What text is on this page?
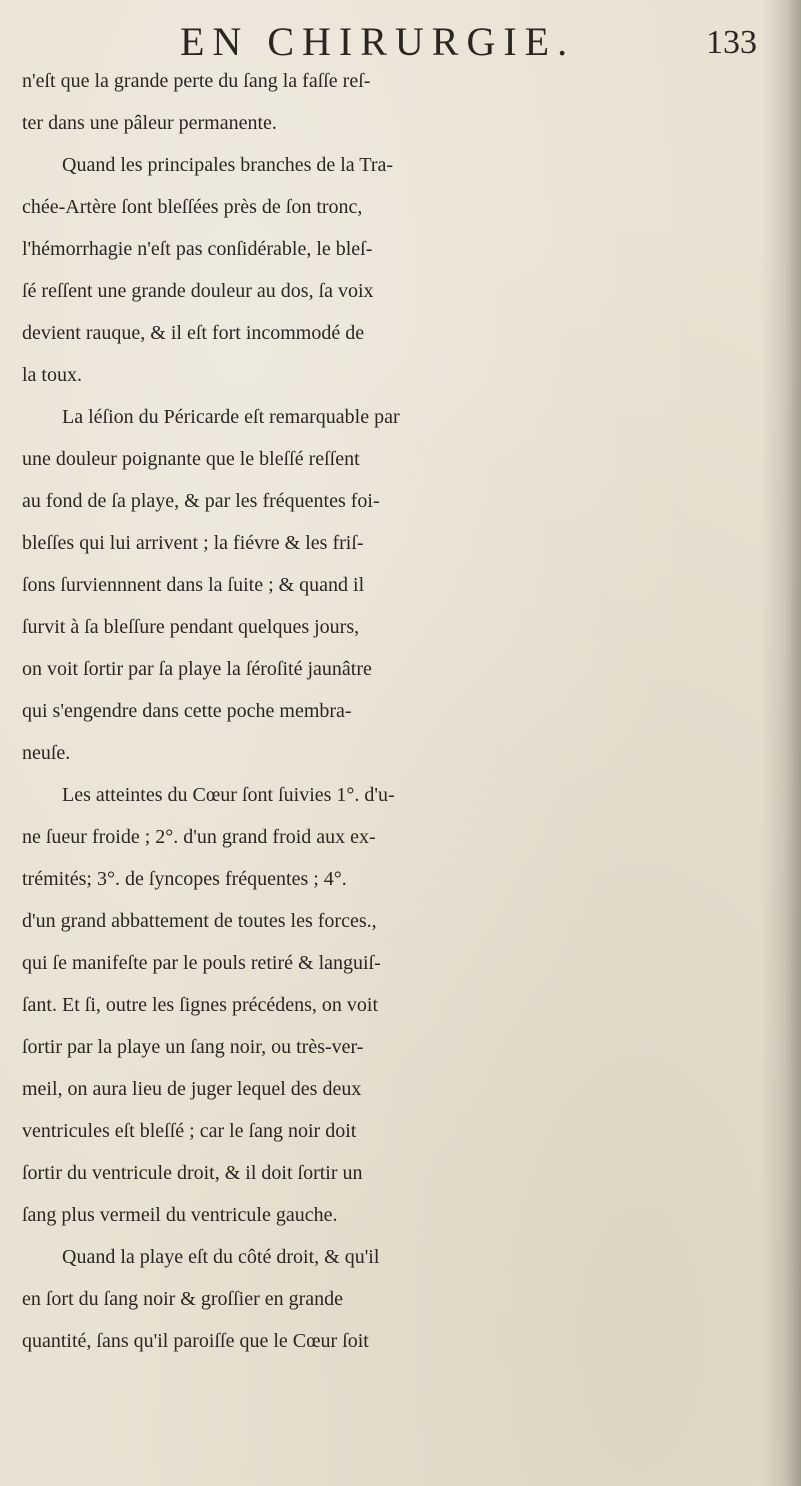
EN CHIRURGIE.	133
n'eſt que la grande perte du ſang la faſſe reſ-
ter dans une pâleur permanente.
Quand les principales branches de la Tra-
chée-Artère ſont bleſſées près de ſon tronc,
l'hémorrhagie n'eſt pas conſidérable, le bleſ-
ſé reſſent une grande douleur au dos, ſa voix
devient rauque, & il eſt fort incommodé de
la toux.
La léſion du Péricarde eſt remarquable par
une douleur poignante que le bleſſé reſſent
au fond de ſa playe, & par les fréquentes foi-
bleſſes qui lui arrivent ; la fiévre & les friſ-
ſons ſurviennnent dans la ſuite ; & quand il
ſurvit à ſa bleſſure pendant quelques jours,
on voit ſortir par ſa playe la ſéroſité jaunâtre
qui s'engendre dans cette poche membra-
neuſe.
Les atteintes du Cœur ſont ſuivies 1°. d'u-
ne ſueur froide ; 2°. d'un grand froid aux ex-
trémités; 3°. de ſyncopes fréquentes ; 4°.
d'un grand abbattement de toutes les forces.,
qui ſe manifeſte par le pouls retiré & languiſ-
ſant. Et ſi, outre les ſignes précédens, on voit
ſortir par la playe un ſang noir, ou très-ver-
meil, on aura lieu de juger lequel des deux
ventricules eſt bleſſé ; car le ſang noir doit
ſortir du ventricule droit, & il doit ſortir un
ſang plus vermeil du ventricule gauche.
Quand la playe eſt du côté droit, & qu'il
en ſort du ſang noir & groſſier en grande
quantité, ſans qu'il paroiſſe que le Cœur ſoit
